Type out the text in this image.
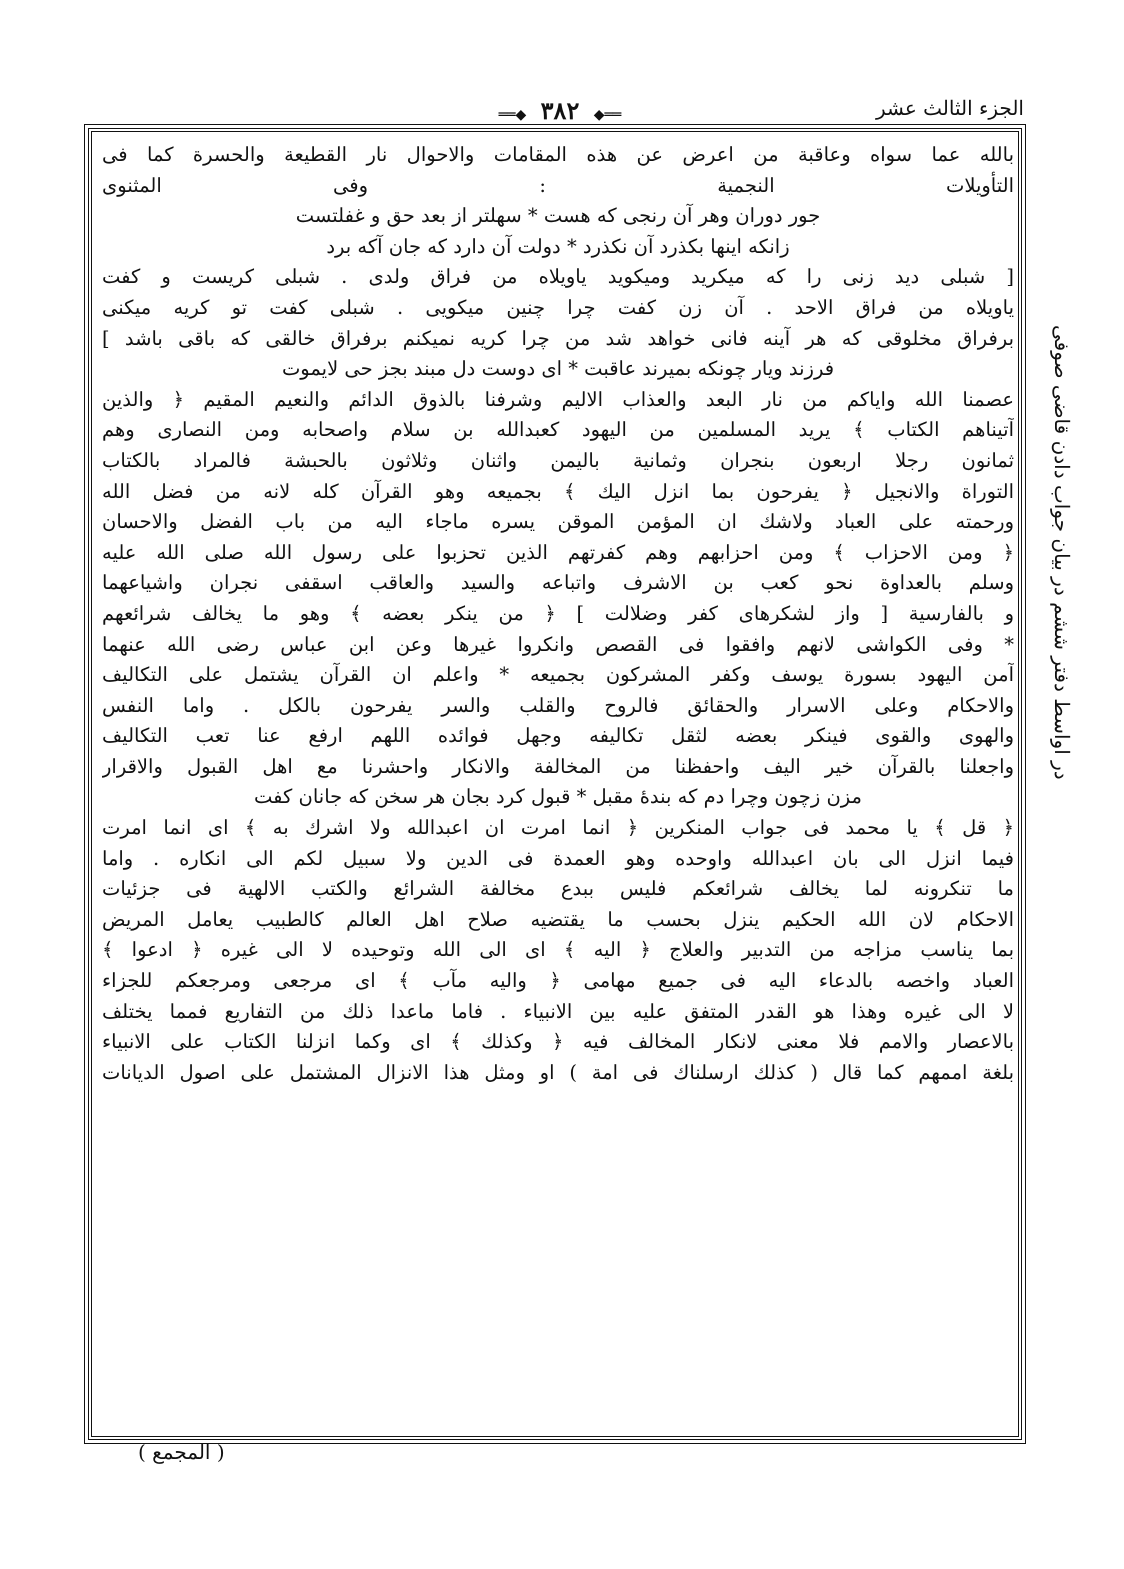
الجزء الثالث عشر
══◆ ٣٨٢ ◆══
در اواسط دفتر ششم در بیان جواب دادن قاضی صوفی
بالله عما سواه وعاقبة من اعرض عن هذه المقامات والاحوال نار القطيعة والحسرة كما فى
التأويلات النجمية : وفى المثنوى
جور دوران وهر آن رنجی كه هست * سهلتر از بعد حق و غفلتست
زانكه اينها بكذرد آن نكذرد * دولت آن دارد كه جان آكه برد
[ شبلى ديد زنى را كه ميكريد وميكويد ياويلاه من فراق ولدى . شبلى كريست و كفت
ياويلاه من فراق الاحد . آن زن كفت چرا چنين ميكويى . شبلى كفت تو كريه ميكنى
برفراق مخلوقى كه هر آينه فانى خواهد شد من چرا كريه نميكنم برفراق خالقى كه باقى باشد ]
فرزند ويار چونكه بميرند عاقبت * اى دوست دل مبند بجز حى لايموت
عصمنا الله واياكم من نار البعد والعذاب الاليم وشرفنا بالذوق الدائم والنعيم المقيم ﴿ والذين
آتيناهم الكتاب ﴾ يريد المسلمين من اليهود كعبدالله بن سلام واصحابه ومن النصارى وهم
ثمانون رجلا اربعون بنجران وثمانية باليمن واثنان وثلاثون بالحبشة فالمراد بالكتاب
التوراة والانجيل ﴿ يفرحون بما انزل اليك ﴾ بجميعه وهو القرآن كله لانه من فضل الله
ورحمته على العباد ولاشك ان المؤمن الموقن يسره ماجاء اليه من باب الفضل والاحسان
﴿ ومن الاحزاب ﴾ ومن احزابهم وهم كفرتهم الذين تحزبوا على رسول الله صلى الله عليه
وسلم بالعداوة نحو كعب بن الاشرف واتباعه والسيد والعاقب اسقفى نجران واشياعهما
و بالفارسية [ واز لشكرهاى كفر وضلالت ] ﴿ من ينكر بعضه ﴾ وهو ما يخالف شرائعهم
* وفى الكواشى لانهم وافقوا فى القصص وانكروا غيرها وعن ابن عباس رضى الله عنهما
آمن اليهود بسورة يوسف وكفر المشركون بجميعه * واعلم ان القرآن يشتمل على التكاليف
والاحكام وعلى الاسرار والحقائق فالروح والقلب والسر يفرحون بالكل . واما النفس
والهوى والقوى فينكر بعضه لثقل تكاليفه وجهل فوائده اللهم ارفع عنا تعب التكاليف
واجعلنا بالقرآن خير اليف واحفظنا من المخالفة والانكار واحشرنا مع اهل القبول والاقرار
مزن زچون وچرا دم كه بندهٔ مقبل * قبول كرد بجان هر سخن كه جانان كفت
﴿ قل ﴾ يا محمد فى جواب المنكرين ﴿ انما امرت ان اعبدالله ولا اشرك به ﴾ اى انما امرت
فيما انزل الى بان اعبدالله واوحده وهو العمدة فى الدين ولا سبيل لكم الى انكاره . واما
ما تنكرونه لما يخالف شرائعكم فليس ببدع مخالفة الشرائع والكتب الالهية فى جزئيات
الاحكام لان الله الحكيم ينزل بحسب ما يقتضيه صلاح اهل العالم كالطبيب يعامل المريض
بما يناسب مزاجه من التدبير والعلاج ﴿ اليه ﴾ اى الى الله وتوحيده لا الى غيره ﴿ ادعوا ﴾
العباد واخصه بالدعاء اليه فى جميع مهامى ﴿ واليه مآب ﴾ اى مرجعى ومرجعكم للجزاء
لا الى غيره وهذا هو القدر المتفق عليه بين الانبياء . فاما ماعدا ذلك من التفاريع فمما يختلف
بالاعصار والامم فلا معنى لانكار المخالف فيه ﴿ وكذلك ﴾ اى وكما انزلنا الكتاب على الانبياء
بلغة اممهم كما قال ( كذلك ارسلناك فى امة ) او ومثل هذا الانزال المشتمل على اصول الديانات
( المجمع )
